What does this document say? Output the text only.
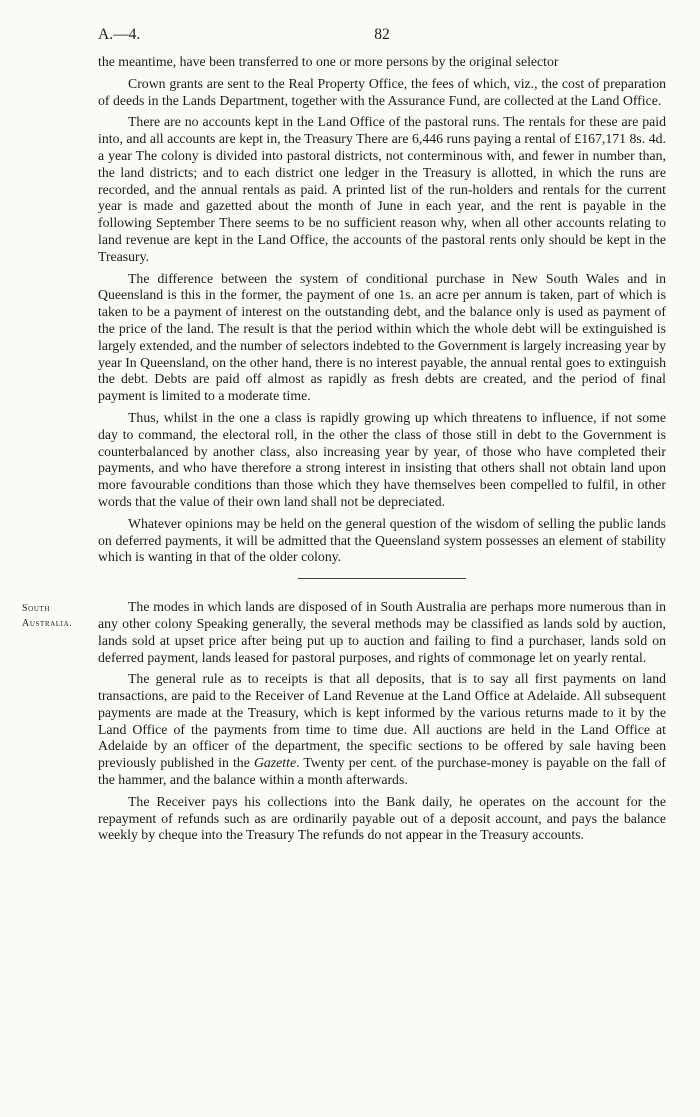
A.—4.	82

the meantime, have been transferred to one or more persons by the original selector

Crown grants are sent to the Real Property Office, the fees of which, viz., the cost of preparation of deeds in the Lands Department, together with the Assurance Fund, are collected at the Land Office.

There are no accounts kept in the Land Office of the pastoral runs. The rentals for these are paid into, and all accounts are kept in, the Treasury There are 6,446 runs paying a rental of £167,171 8s. 4d. a year The colony is divided into pastoral districts, not conterminous with, and fewer in number than, the land districts; and to each district one ledger in the Treasury is allotted, in which the runs are recorded, and the annual rentals as paid. A printed list of the run-holders and rentals for the current year is made and gazetted about the month of June in each year, and the rent is payable in the following September There seems to be no sufficient reason why, when all other accounts relating to land revenue are kept in the Land Office, the accounts of the pastoral rents only should be kept in the Treasury.

The difference between the system of conditional purchase in New South Wales and in Queensland is this in the former, the payment of one 1s. an acre per annum is taken, part of which is taken to be a payment of interest on the outstanding debt, and the balance only is used as payment of the price of the land. The result is that the period within which the whole debt will be extinguished is largely extended, and the number of selectors indebted to the Government is largely increasing year by year In Queensland, on the other hand, there is no interest payable, the annual rental goes to extinguish the debt. Debts are paid off almost as rapidly as fresh debts are created, and the period of final payment is limited to a moderate time.

Thus, whilst in the one a class is rapidly growing up which threatens to influence, if not some day to command, the electoral roll, in the other the class of those still in debt to the Government is counterbalanced by another class, also increasing year by year, of those who have completed their payments, and who have therefore a strong interest in insisting that others shall not obtain land upon more favourable conditions than those which they have themselves been compelled to fulfil, in other words that the value of their own land shall not be depreciated.

Whatever opinions may be held on the general question of the wisdom of selling the public lands on deferred payments, it will be admitted that the Queensland system possesses an element of stability which is wanting in that of the older colony.

South
Australia.

The modes in which lands are disposed of in South Australia are perhaps more numerous than in any other colony Speaking generally, the several methods may be classified as lands sold by auction, lands sold at upset price after being put up to auction and failing to find a purchaser, lands sold on deferred payment, lands leased for pastoral purposes, and rights of commonage let on yearly rental.

The general rule as to receipts is that all deposits, that is to say all first payments on land transactions, are paid to the Receiver of Land Revenue at the Land Office at Adelaide. All subsequent payments are made at the Treasury, which is kept informed by the various returns made to it by the Land Office of the payments from time to time due. All auctions are held in the Land Office at Adelaide by an officer of the department, the specific sections to be offered by sale having been previously published in the Gazette. Twenty per cent. of the purchase-money is payable on the fall of the hammer, and the balance within a month afterwards.

The Receiver pays his collections into the Bank daily, he operates on the account for the repayment of refunds such as are ordinarily payable out of a deposit account, and pays the balance weekly by cheque into the Treasury The refunds do not appear in the Treasury accounts.
